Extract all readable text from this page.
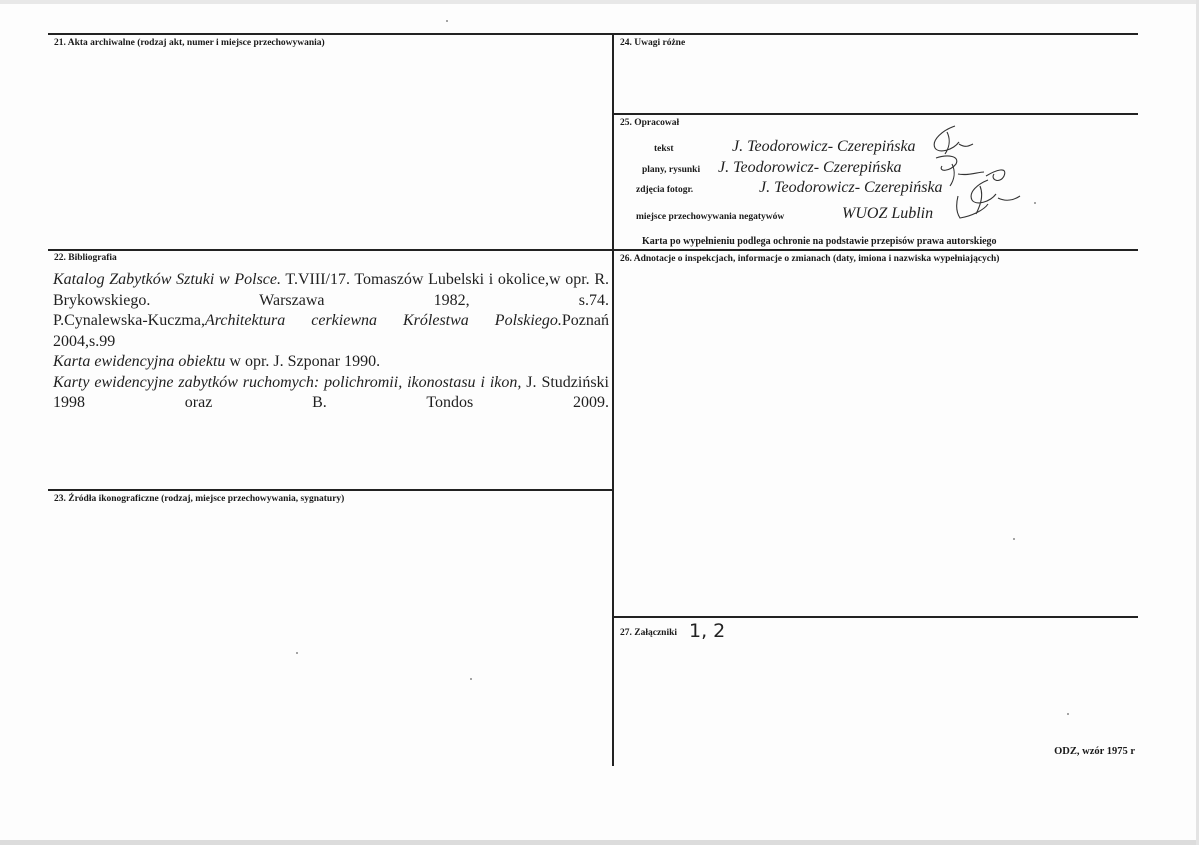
21. Akta archiwalne (rodzaj akt, numer i miejsce przechowywania)
22. Bibliografia

Katalog Zabytków Sztuki w Polsce. T.VIII/17. Tomaszów Lubelski i okolice,w opr. R. Brykowskiego. Warszawa 1982, s.74.

P.Cynalewska-Kuczma,Architektura cerkiewna Królestwa Polskiego.Poznań 2004,s.99

Karta ewidencyjna obiektu w opr. J. Szponar 1990.

Karty ewidencyjne zabytków ruchomych: polichromii, ikonostasu i ikon, J. Studziński 1998 oraz B. Tondos 2009.

23. Źródła ikonograficzne (rodzaj, miejsce przechowywania, sygnatury)
24. Uwagi różne
25. Opracował
tekst	J. Teodorowicz- Czerepińska
plany, rysunki J. Teodorowicz- Czerepińska
zdjęcia fotogr.	J. Teodorowicz- Czerepińska
miejsce przechowywania negatywów	WUOZ Lublin
Karta po wypełnieniu podlega ochronie na podstawie przepisów prawa autorskiego
26. Adnotacje o inspekcjach, informacje o zmianach (daty, imiona i nazwiska wypełniających)
27. Załączniki 1, 2
ODZ, wzór 1975 r
